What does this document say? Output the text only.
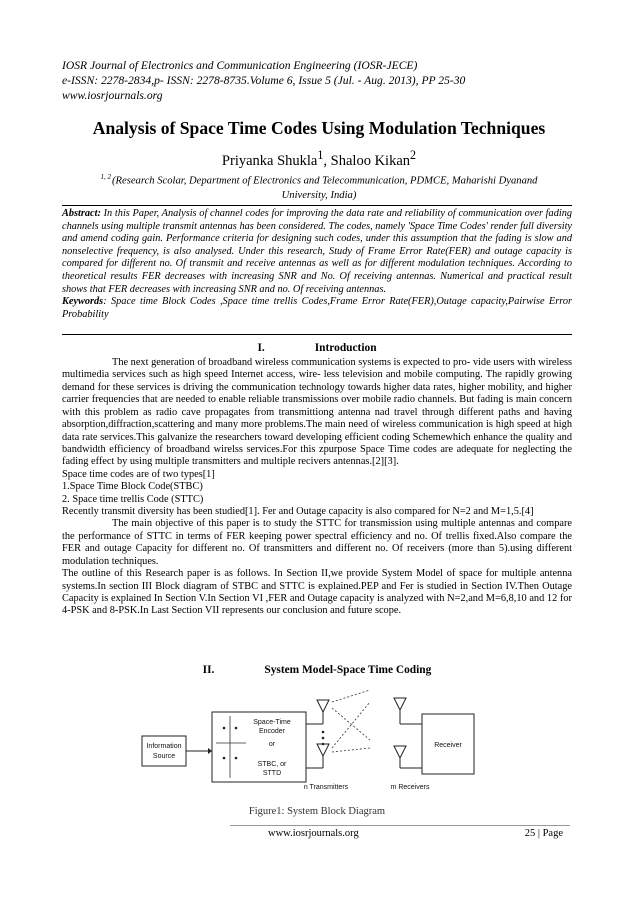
IOSR Journal of Electronics and Communication Engineering (IOSR-JECE)
e-ISSN: 2278-2834,p- ISSN: 2278-8735.Volume 6, Issue 5 (Jul. - Aug. 2013), PP 25-30
www.iosrjournals.org
Analysis of Space Time Codes Using Modulation Techniques
Priyanka Shukla$^1$, Shaloo Kikan$^2$
$^{1, 2}$(Research Scolar, Department of Electronics and Telecommunication, PDMCE, Maharishi Dyanand
University, India)
Abstract: In this Paper, Analysis of channel codes for improving the data rate and reliability of communication over fading channels using multiple transmit antennas has been considered. The codes, namely 'Space Time Codes' render full diversity and amend coding gain. Performance criteria for designing such codes, under this assumption that the fading is slow and nonselective frequency, is also analysed. Under this research, Study of Frame Error Rate(FER) and outage capacity is compared for different no. Of transmit and receive antennas as well as for different modulation techniques. According to theoretical results FER decreases with increasing SNR and No. Of receiving antennas. Numerical and practical result shows that FER decreases with increasing SNR and no. Of receiving antennas.
Keywords: Space time Block Codes ,Space time trellis Codes,Frame Error Rate(FER),Outage capacity,Pairwise Error Probability
I.	Introduction

The next generation of broadband wireless communication systems is expected to pro- vide users with wireless multimedia services such as high speed Internet access, wire- less television and mobile computing. The rapidly growing demand for these services is driving the communication technology towards higher data rates, higher mobility, and higher carrier frequencies that are needed to enable reliable transmissions over mobile radio channels. But fading is main concern with this problem as radio cave propagates from transmittiong antenna nad travel through different paths and having absorption,diffraction,scattering and many more problems.The main need of wireless communication is high speed at high data rate services.This galvanize the researchers toward developing efficient coding Schemewhich enhance the quality and bandwidth efficiency of broadband wirelss services.For this zpurpose Space Time codes are adequate for neglecting the fading effect by using multiple transmitters and multiple recivers antennas.[2][3].

Space time codes are of two types[1]

1.Space Time Block Code(STBC)

2. Space time trellis Code (STTC)

Recently transmit diversity has been studied[1]. Fer and Outage capacity is also compared for N=2 and M=1,5.[4]

The main objective of this paper is to study the STTC for transmission using multiple antennas and compare the performance of STTC in terms of FER keeping power spectral efficiency and no. Of trellis fixed.Also compare the FER and outage Capacity for different no. Of transmitters and different no. Of receivers (more than 5).using different modulation techniques.

The outline of this Research paper is as follows. In Section II,we provide System Model of space for multiple antenna systems.In section III Block diagram of STBC and STTC is explained.PEP and Fer is studied in Section IV.Then Outage Capacity is explained In Section V.In Section VI ,FER and Outage capacity is analyzed with N=2,and M=6,8,10 and 12 for 4-PSK and 8-PSK.In Last Section VII represents our conclusion and future scope.

II.	System Model-Space Time Coding
Information
Source
Space-Time
Encoder
or
STBC, or
STTD
Receiver
n Transmitters	m Receivers
Figure1: System Block Diagram
www.iosrjournals.org	25 | Page
